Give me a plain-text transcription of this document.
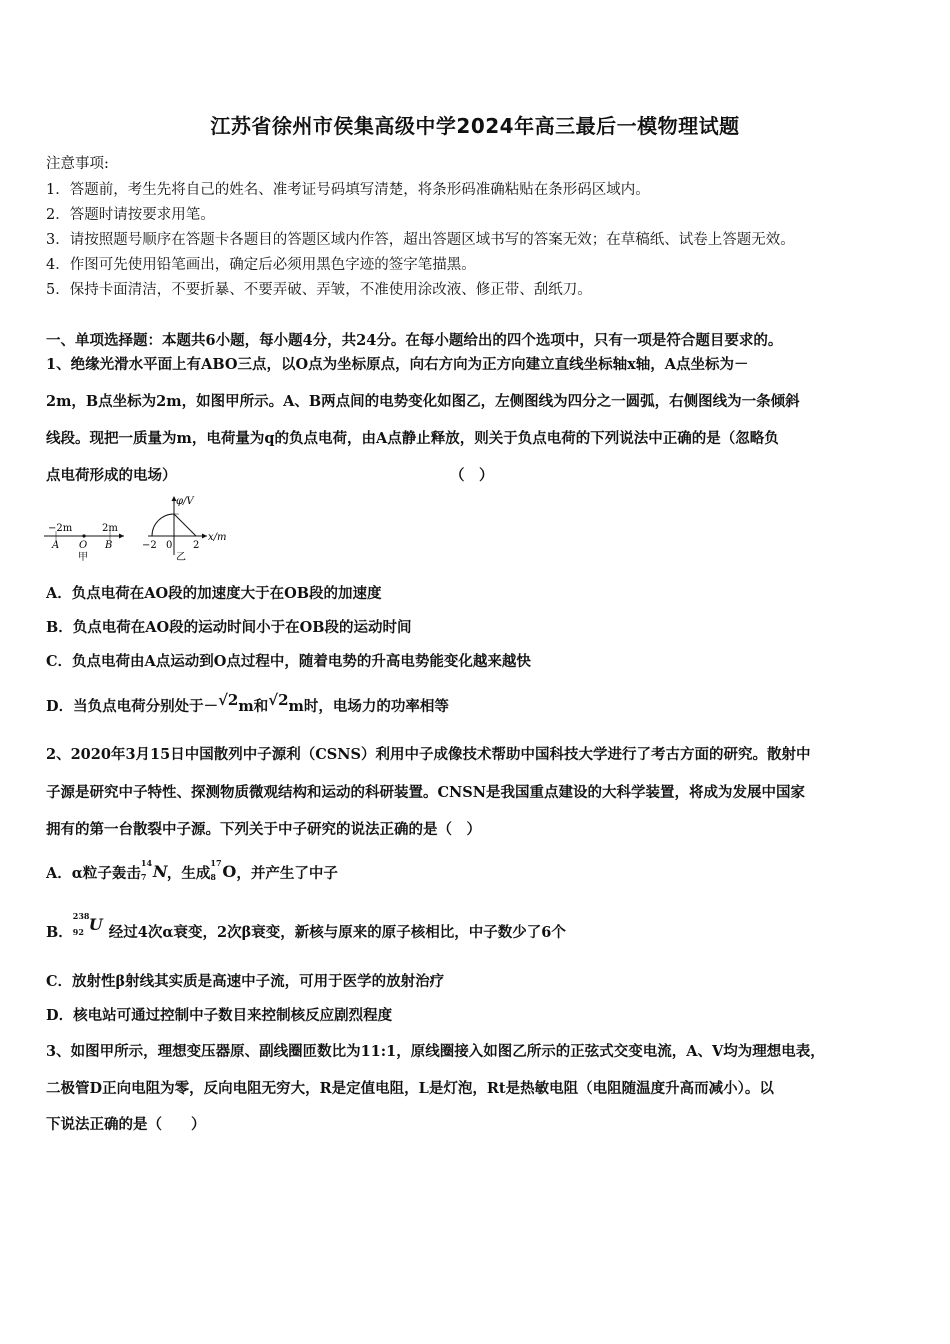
江苏省徐州市侯集高级中学2024年高三最后一模物理试题
注意事项:
1．答题前，考生先将自己的姓名、准考证号码填写清楚，将条形码准确粘贴在条形码区域内。
2．答题时请按要求用笔。
3．请按照题号顺序在答题卡各题目的答题区域内作答，超出答题区域书写的答案无效；在草稿纸、试卷上答题无效。
4．作图可先使用铅笔画出，确定后必须用黑色字迹的签字笔描黑。
5．保持卡面清洁，不要折暴、不要弄破、弄皱，不准使用涂改液、修正带、刮纸刀。
一、单项选择题：本题共6小题，每小题4分，共24分。在每小题给出的四个选项中，只有一项是符合题目要求的。
1、绝缘光滑水平面上有ABO三点，以O点为坐标原点，向右方向为正方向建立直线坐标轴x轴，A点坐标为－
2m，B点坐标为2m，如图甲所示。A、B两点间的电势变化如图乙，左侧图线为四分之一圆弧，右侧图线为一条倾斜
线段。现把一质量为m，电荷量为q的负点电荷，由A点静止释放，则关于负点电荷的下列说法中正确的是（忽略负
点电荷形成的电场）	（　）
−2m	2m
A O B
甲
φ/V
x/m
−2 0 2
乙
A．负点电荷在AO段的加速度大于在OB段的加速度
B．负点电荷在AO段的运动时间小于在OB段的运动时间
C．负点电荷由A点运动到O点过程中，随着电势的升高电势能变化越来越快
D．当负点电荷分别处于－√2m和√2m时，电场力的功率相等
2、2020年3月15日中国散列中子源利（CSNS）利用中子成像技术帮助中国科技大学进行了考古方面的研究。散射中
子源是研究中子特性、探测物质微观结构和运动的科研装置。CNSN是我国重点建设的大科学装置，将成为发展中国家
拥有的第一台散裂中子源。下列关于中子研究的说法正确的是（　）
A．α粒子轰击
14
7 N ，生成
17
8 O ，并产生了中子
B．
238
92 U 经过4次α衰变，2次β衰变，新核与原来的原子核相比，中子数少了6个
C．放射性β射线其实质是高速中子流，可用于医学的放射治疗
D．核电站可通过控制中子数目来控制核反应剧烈程度
3、如图甲所示，理想变压器原、副线圈匝数比为11:1，原线圈接入如图乙所示的正弦式交变电流，A、V均为理想电表，
二极管D正向电阻为零，反向电阻无穷大，R是定值电阻，L是灯泡，Rt是热敏电阻（电阻随温度升高而减小）。以
下说法正确的是（　　）
